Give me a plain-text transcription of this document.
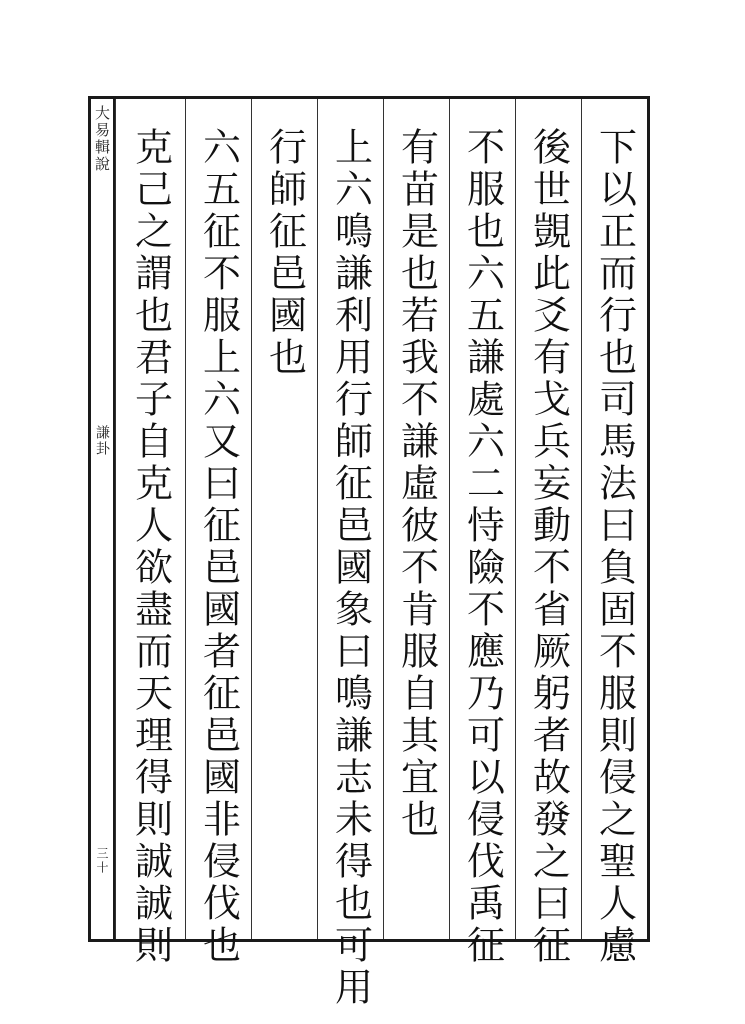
大易輯說
謙卦
三十	下以正而行也司馬法曰負固不服則侵之聖人慮
後世覬此爻有戈兵妄動不省厥躬者故發之曰征
不服也六五謙處六二恃險不應乃可以侵伐禹征
有苗是也若我不謙虛彼不肯服自其宜也
上六鳴謙利用行師征邑國象曰鳴謙志未得也可用
行師征邑國也
六五征不服上六又曰征邑國者征邑國非侵伐也
克己之謂也君子自克人欲盡而天理得則誠誠則
